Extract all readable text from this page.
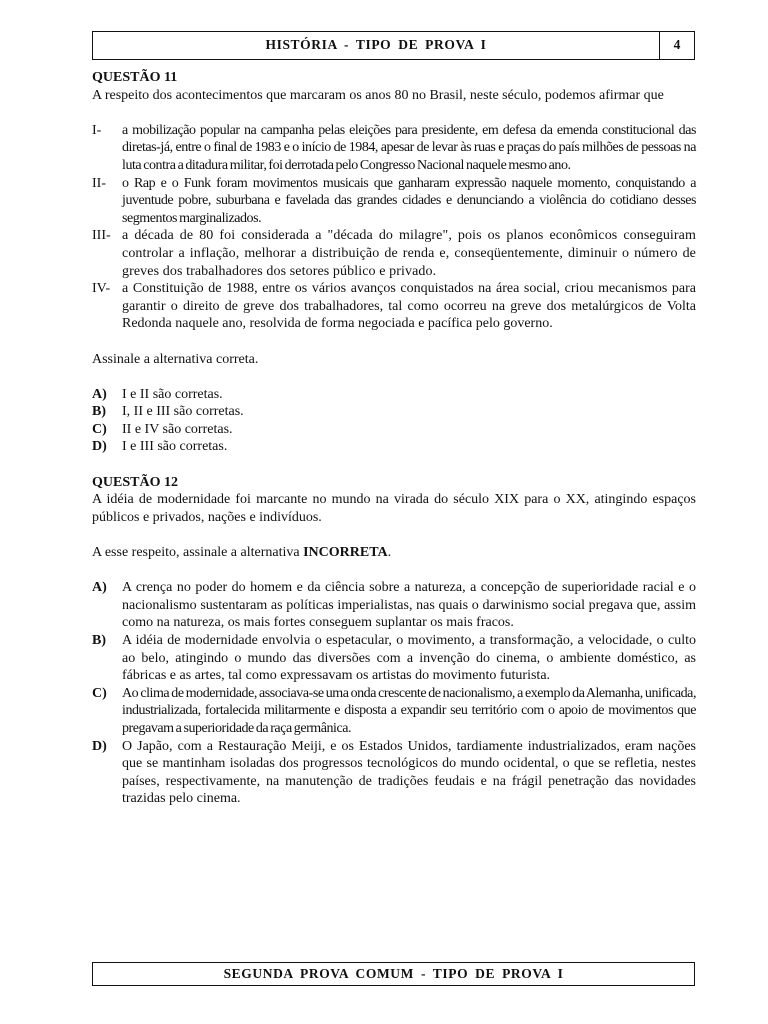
HISTÓRIA - TIPO DE PROVA I	4

QUESTÃO 11

A respeito dos acontecimentos que marcaram os anos 80 no Brasil, neste século, podemos afirmar que

I-	a mobilização popular na campanha pelas eleições para presidente, em defesa da emenda constitucional das diretas-já, entre o final de 1983 e o início de 1984, apesar de levar às ruas e praças do país milhões de pessoas na luta contra a ditadura militar, foi derrotada pelo Congresso Nacional naquele mesmo ano.
II-	o Rap e o Funk foram movimentos musicais que ganharam expressão naquele momento, conquistando a juventude pobre, suburbana e favelada das grandes cidades e denunciando a violência do cotidiano desses segmentos marginalizados.
III- a década de 80 foi considerada a "década do milagre", pois os planos econômicos conseguiram controlar a inflação, melhorar a distribuição de renda e, conseqüentemente, diminuir o número de greves dos trabalhadores dos setores público e privado.
IV- a Constituição de 1988, entre os vários avanços conquistados na área social, criou mecanismos para garantir o direito de greve dos trabalhadores, tal como ocorreu na greve dos metalúrgicos de Volta Redonda naquele ano, resolvida de forma negociada e pacífica pelo governo.

Assinale a alternativa correta.

A)	I e II são corretas.
B)	I, II e III são corretas.
C)	II e IV são corretas.
D)	I e III são corretas.

QUESTÃO 12

A idéia de modernidade foi marcante no mundo na virada do século XIX para o XX, atingindo espaços públicos e privados, nações e indivíduos.

A esse respeito, assinale a alternativa INCORRETA.

A)	A crença no poder do homem e da ciência sobre a natureza, a concepção de superioridade racial e o nacionalismo sustentaram as políticas imperialistas, nas quais o darwinismo social pregava que, assim como na natureza, os mais fortes conseguem suplantar os mais fracos.
B)	A idéia de modernidade envolvia o espetacular, o movimento, a transformação, a velocidade, o culto ao belo, atingindo o mundo das diversões com a invenção do cinema, o ambiente doméstico, as fábricas e as artes, tal como expressavam os artistas do movimento futurista.
C)	Ao clima de modernidade, associava-se uma onda crescente de nacionalismo, a exemplo da Alemanha, unificada, industrializada, fortalecida militarmente e disposta a expandir seu território com o apoio de movimentos que pregavam a superioridade da raça germânica.
D)	O Japão, com a Restauração Meiji, e os Estados Unidos, tardiamente industrializados, eram nações que se mantinham isoladas dos progressos tecnológicos do mundo ocidental, o que se refletia, nestes países, respectivamente, na manutenção de tradições feudais e na frágil penetração das novidades trazidas pelo cinema.
SEGUNDA PROVA COMUM - TIPO DE PROVA I
